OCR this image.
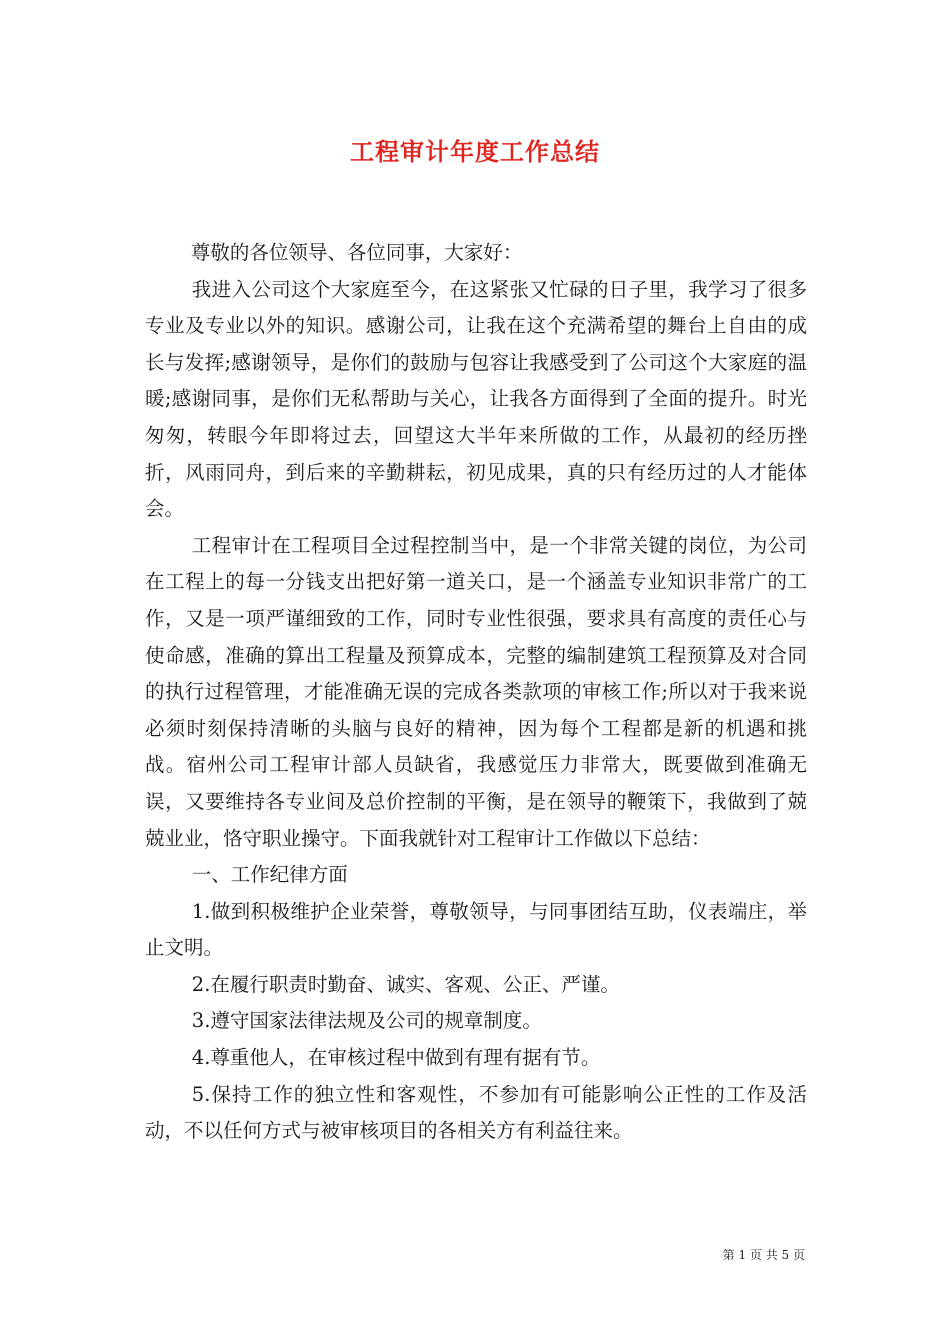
工程审计年度工作总结

尊敬的各位领导、各位同事，大家好：

我进入公司这个大家庭至今，在这紧张又忙碌的日子里，我学习了很多专业及专业以外的知识。感谢公司，让我在这个充满希望的舞台上自由的成长与发挥;感谢领导，是你们的鼓励与包容让我感受到了公司这个大家庭的温暖;感谢同事，是你们无私帮助与关心，让我各方面得到了全面的提升。时光匆匆，转眼今年即将过去，回望这大半年来所做的工作，从最初的经历挫折，风雨同舟，到后来的辛勤耕耘，初见成果，真的只有经历过的人才能体会。

工程审计在工程项目全过程控制当中，是一个非常关键的岗位，为公司在工程上的每一分钱支出把好第一道关口，是一个涵盖专业知识非常广的工作，又是一项严谨细致的工作，同时专业性很强，要求具有高度的责任心与使命感，准确的算出工程量及预算成本，完整的编制建筑工程预算及对合同的执行过程管理，才能准确无误的完成各类款项的审核工作;所以对于我来说必须时刻保持清晰的头脑与良好的精神，因为每个工程都是新的机遇和挑战。宿州公司工程审计部人员缺省，我感觉压力非常大，既要做到准确无误，又要维持各专业间及总价控制的平衡，是在领导的鞭策下，我做到了兢兢业业，恪守职业操守。下面我就针对工程审计工作做以下总结：

一、工作纪律方面

1.做到积极维护企业荣誉，尊敬领导，与同事团结互助，仪表端庄，举止文明。

2.在履行职责时勤奋、诚实、客观、公正、严谨。

3.遵守国家法律法规及公司的规章制度。

4.尊重他人，在审核过程中做到有理有据有节。

5.保持工作的独立性和客观性，不参加有可能影响公正性的工作及活动，不以任何方式与被审核项目的各相关方有利益往来。

第 1 页 共 5 页
